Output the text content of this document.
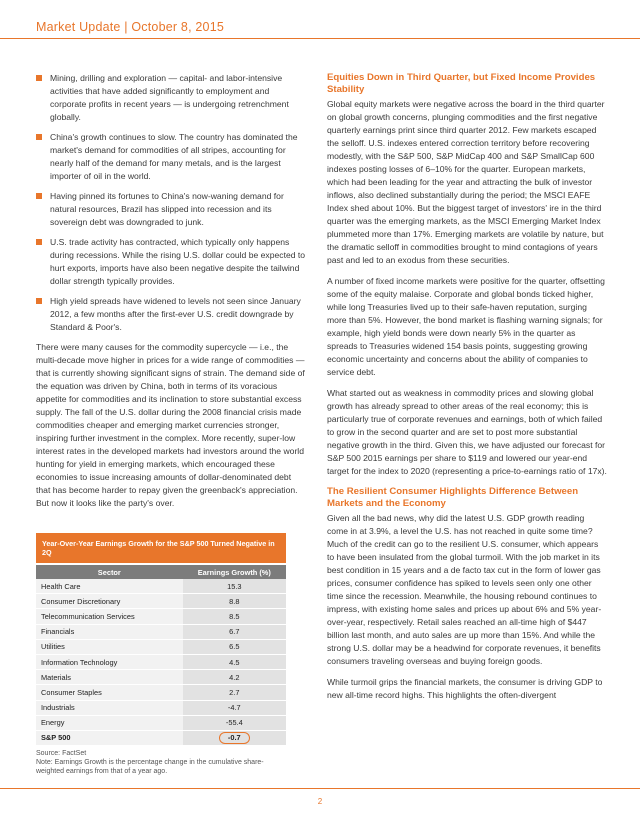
Market Update | October 8, 2015
Mining, drilling and exploration — capital- and labor-intensive activities that have added significantly to employment and corporate profits in recent years — is undergoing retrenchment globally.
China's growth continues to slow. The country has dominated the market's demand for commodities of all stripes, accounting for nearly half of the demand for many metals, and is the largest importer of oil in the world.
Having pinned its fortunes to China's now-waning demand for natural resources, Brazil has slipped into recession and its sovereign debt was downgraded to junk.
U.S. trade activity has contracted, which typically only happens during recessions. While the rising U.S. dollar could be expected to hurt exports, imports have also been negative despite the tailwind dollar strength typically provides.
High yield spreads have widened to levels not seen since January 2012, a few months after the first-ever U.S. credit downgrade by Standard & Poor's.

There were many causes for the commodity supercycle — i.e., the multi-decade move higher in prices for a wide range of commodities — that is currently showing significant signs of strain. The demand side of the equation was driven by China, both in terms of its voracious appetite for commodities and its inclination to store substantial excess supply. The fall of the U.S. dollar during the 2008 financial crisis made commodities cheaper and emerging market currencies stronger, inspiring further investment in the complex. More recently, super-low interest rates in the developed markets had investors around the world hunting for yield in emerging markets, which encouraged these economies to issue increasing amounts of dollar-denominated debt that has become harder to repay given the greenback's appreciation. But now it looks like the party's over.

Year-Over-Year Earnings Growth for the S&P 500 Turned Negative in 2Q
Sector	Earnings Growth (%)
Health Care	15.3
Consumer Discretionary	8.8
Telecommunication Services	8.5
Financials	6.7
Utilities	6.5
Information Technology	4.5
Materials	4.2
Consumer Staples	2.7
Industrials	-4.7
Energy	-55.4
S&P 500	-0.7
Source: FactSet
Note: Earnings Growth is the percentage change in the cumulative share-weighted earnings from that of a year ago.
Equities Down in Third Quarter, but Fixed Income Provides Stability

Global equity markets were negative across the board in the third quarter on global growth concerns, plunging commodities and the first negative quarterly earnings print since third quarter 2012. Few markets escaped the selloff. U.S. indexes entered correction territory before recovering modestly, with the S&P 500, S&P MidCap 400 and S&P SmallCap 600 indexes posting losses of 6–10% for the quarter. European markets, which had been leading for the year and attracting the bulk of investor inflows, also declined substantially during the period; the MSCI EAFE Index shed about 10%. But the biggest target of investors' ire in the third quarter was the emerging markets, as the MSCI Emerging Market Index plummeted more than 17%. Emerging markets are volatile by nature, but the dramatic selloff in commodities brought to mind contagions of years past and led to an exodus from these securities.

A number of fixed income markets were positive for the quarter, offsetting some of the equity malaise. Corporate and global bonds ticked higher, while long Treasuries lived up to their safe-haven reputation, surging more than 5%. However, the bond market is flashing warning signals; for example, high yield bonds were down nearly 5% in the quarter as spreads to Treasuries widened 154 basis points, suggesting growing economic uncertainty and concerns about the ability of companies to service debt.

What started out as weakness in commodity prices and slowing global growth has already spread to other areas of the real economy; this is particularly true of corporate revenues and earnings, both of which failed to grow in the second quarter and are set to post more substantial negative growth in the third. Given this, we have adjusted our forecast for S&P 500 2015 earnings per share to $119 and lowered our year-end target for the index to 2020 (representing a price-to-earnings ratio of 17x).

The Resilient Consumer Highlights Difference Between Markets and the Economy

Given all the bad news, why did the latest U.S. GDP growth reading come in at 3.9%, a level the U.S. has not reached in quite some time? Much of the credit can go to the resilient U.S. consumer, which appears to have been insulated from the global turmoil. With the job market in its best condition in 15 years and a de facto tax cut in the form of lower gas prices, consumer confidence has spiked to levels seen only one other time since the recession. Meanwhile, the housing rebound continues to impress, with existing home sales and prices up about 6% and 5% year-over-year, respectively. Retail sales reached an all-time high of $447 billion last month, and auto sales are up more than 15%. And while the strong U.S. dollar may be a headwind for corporate revenues, it benefits consumers traveling overseas and buying foreign goods.

While turmoil grips the financial markets, the consumer is driving GDP to new all-time record highs. This highlights the often-divergent

2
